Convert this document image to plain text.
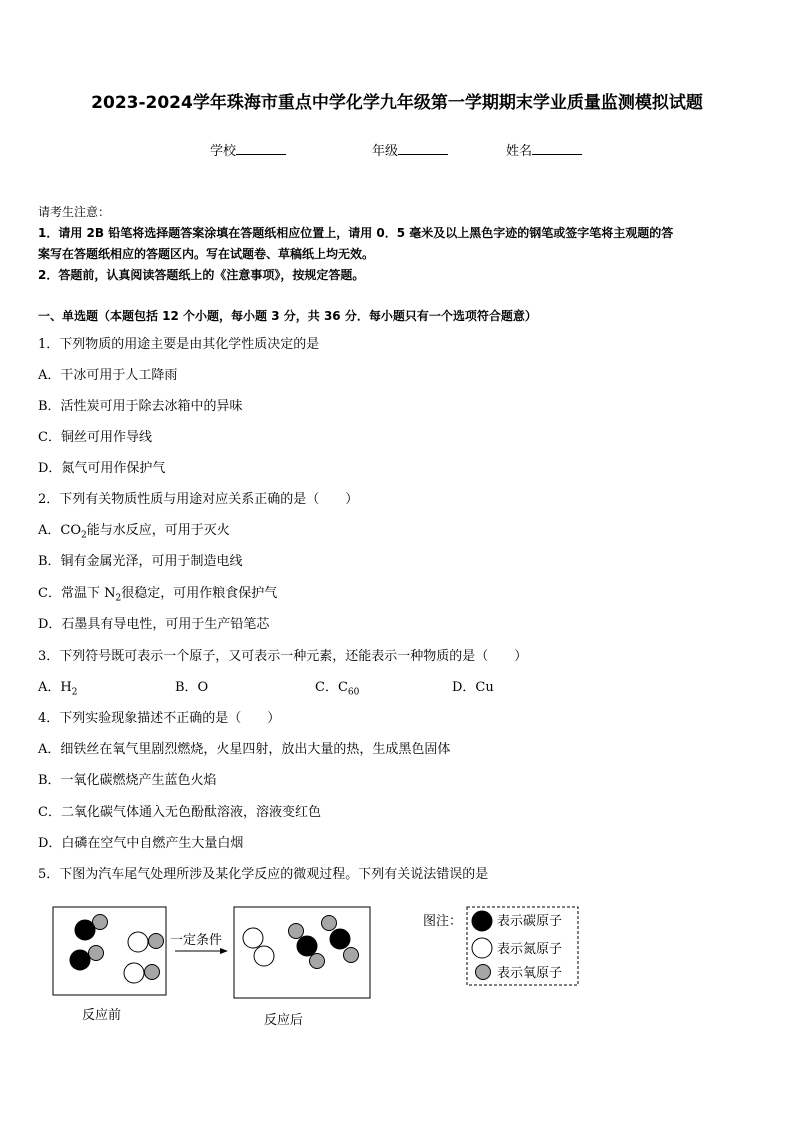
2023-2024学年珠海市重点中学化学九年级第一学期期末学业质量监测模拟试题
学校	年级	姓名
请考生注意：
1．请用 2B 铅笔将选择题答案涂填在答题纸相应位置上，请用 0．5 毫米及以上黑色字迹的钢笔或签字笔将主观题的答
案写在答题纸相应的答题区内。写在试题卷、草稿纸上均无效。
2．答题前，认真阅读答题纸上的《注意事项》，按规定答题。
一、单选题（本题包括 12 个小题，每小题 3 分，共 36 分．每小题只有一个选项符合题意）
1．下列物质的用途主要是由其化学性质决定的是
A．干冰可用于人工降雨
B．活性炭可用于除去冰箱中的异味
C．铜丝可用作导线
D．氮气可用作保护气
2．下列有关物质性质与用途对应关系正确的是（　　）
A．$CO_2$能与水反应，可用于灭火
B．铜有金属光泽，可用于制造电线
C．常温下 $N_2$很稳定，可用作粮食保护气
D．石墨具有导电性，可用于生产铅笔芯
3．下列符号既可表示一个原子，又可表示一种元素，还能表示一种物质的是（　　）
A．$H_2$	B．O	C．$C_{60}$	D．Cu
4．下列实验现象描述不正确的是（　　）
A．细铁丝在氧气里剧烈燃烧，火星四射，放出大量的热，生成黑色固体
B．一氧化碳燃烧产生蓝色火焰
C．二氧化碳气体通入无色酚酞溶液，溶液变红色
D．白磷在空气中自燃产生大量白烟
5．下图为汽车尾气处理所涉及某化学反应的微观过程。下列有关说法错误的是
一定条件
反应前	反应后
图注：	表示碳原子
表示氮原子
表示氧原子
